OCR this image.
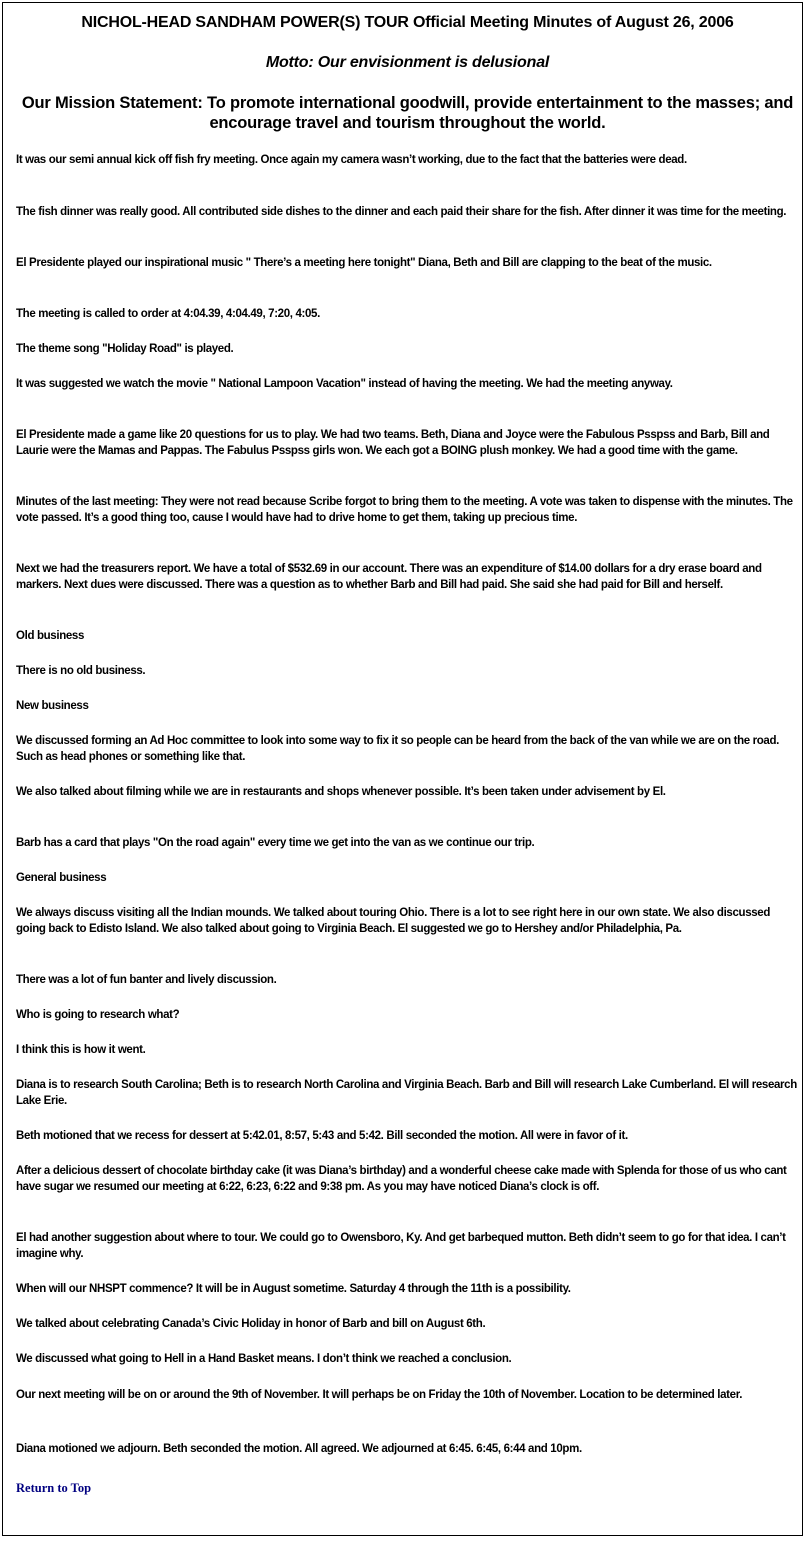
NICHOL-HEAD SANDHAM POWER(S) TOUR Official Meeting Minutes of August 26, 2006
Motto: Our envisionment is delusional
Our Mission Statement: To promote international goodwill, provide entertainment to the masses; and encourage travel and tourism throughout the world.

It was our semi annual kick off fish fry meeting. Once again my camera wasn’t working, due to the fact that the batteries were dead.

The fish dinner was really good. All contributed side dishes to the dinner and each paid their share for the fish. After dinner it was time for the meeting.

El Presidente played our inspirational music " There’s a meeting here tonight" Diana, Beth and Bill are clapping to the beat of the music.

The meeting is called to order at 4:04.39, 4:04.49, 7:20, 4:05.

The theme song "Holiday Road" is played.

It was suggested we watch the movie " National Lampoon Vacation" instead of having the meeting. We had the meeting anyway.

El Presidente made a game like 20 questions for us to play. We had two teams. Beth, Diana and Joyce were the Fabulous Psspss and Barb, Bill and Laurie were the Mamas and Pappas. The Fabulus Psspss girls won. We each got a BOING plush monkey. We had a good time with the game.

Minutes of the last meeting: They were not read because Scribe forgot to bring them to the meeting. A vote was taken to dispense with the minutes. The vote passed. It’s a good thing too, cause I would have had to drive home to get them, taking up precious time.

Next we had the treasurers report. We have a total of $532.69 in our account. There was an expenditure of $14.00 dollars for a dry erase board and markers. Next dues were discussed. There was a question as to whether Barb and Bill had paid. She said she had paid for Bill and herself.

Old business

There is no old business.

New business

We discussed forming an Ad Hoc committee to look into some way to fix it so people can be heard from the back of the van while we are on the road. Such as head phones or something like that.

We also talked about filming while we are in restaurants and shops whenever possible. It’s been taken under advisement by El.

Barb has a card that plays "On the road again" every time we get into the van as we continue our trip.

General business

We always discuss visiting all the Indian mounds. We talked about touring Ohio. There is a lot to see right here in our own state. We also discussed going back to Edisto Island. We also talked about going to Virginia Beach. El suggested we go to Hershey and/or Philadelphia, Pa.

There was a lot of fun banter and lively discussion.

Who is going to research what?

I think this is how it went.

Diana is to research South Carolina; Beth is to research North Carolina and Virginia Beach. Barb and Bill will research Lake Cumberland. El will research Lake Erie.

Beth motioned that we recess for dessert at 5:42.01, 8:57, 5:43 and 5:42. Bill seconded the motion. All were in favor of it.

After a delicious dessert of chocolate birthday cake (it was Diana’s birthday) and a wonderful cheese cake made with Splenda for those of us who cant have sugar we resumed our meeting at 6:22, 6:23, 6:22 and 9:38 pm. As you may have noticed Diana’s clock is off.

El had another suggestion about where to tour. We could go to Owensboro, Ky. And get barbequed mutton. Beth didn’t seem to go for that idea. I can’t imagine why.

When will our NHSPT commence? It will be in August sometime. Saturday 4 through the 11th is a possibility.

We talked about celebrating Canada’s Civic Holiday in honor of Barb and bill on August 6th.

We discussed what going to Hell in a Hand Basket means. I don’t think we reached a conclusion.

Our next meeting will be on or around the 9th of November. It will perhaps be on Friday the 10th of November. Location to be determined later.

Diana motioned we adjourn. Beth seconded the motion. All agreed. We adjourned at 6:45. 6:45, 6:44 and 10pm.

Return to Top
